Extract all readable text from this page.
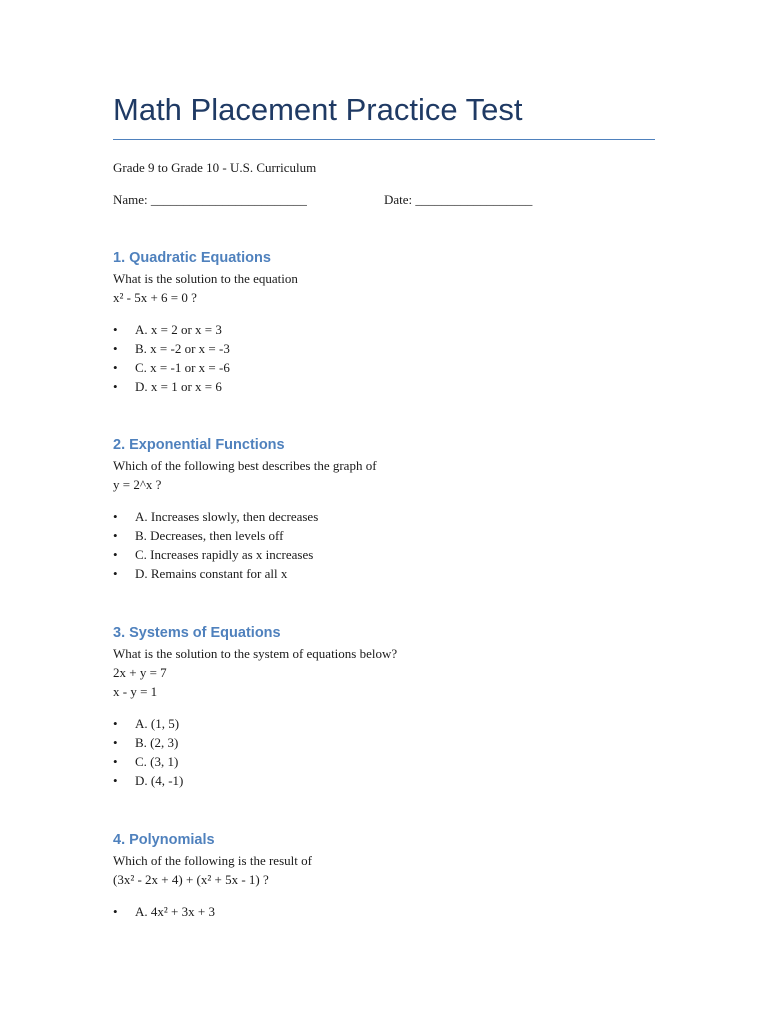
Math Placement Practice Test
Grade 9 to Grade 10 - U.S. Curriculum
Name: ________________________	Date: __________________
1. Quadratic Equations
What is the solution to the equation
x² - 5x + 6 = 0 ?
• A. x = 2 or x = 3
• B. x = -2 or x = -3
• C. x = -1 or x = -6
• D. x = 1 or x = 6
2. Exponential Functions
Which of the following best describes the graph of
y = 2^x ?
• A. Increases slowly, then decreases
• B. Decreases, then levels off
• C. Increases rapidly as x increases
• D. Remains constant for all x
3. Systems of Equations
What is the solution to the system of equations below?
2x + y = 7
x - y = 1
• A. (1, 5)
• B. (2, 3)
• C. (3, 1)
• D. (4, -1)
4. Polynomials
Which of the following is the result of
(3x² - 2x + 4) + (x² + 5x - 1) ?
• A. 4x² + 3x + 3
